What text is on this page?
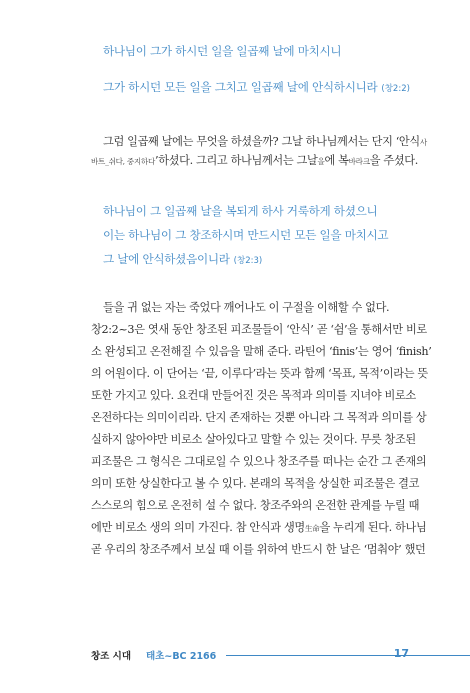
하나님이 그가 하시던 일을 일곱째 날에 마치시니
그가 하시던 모든 일을 그치고 일곱째 날에 안식하시니라 (창2:2)
그럼 일곱째 날에는 무엇을 하셨을까? 그날 하나님께서는 단지 ‘안식사
바트_쉬다, 중지하다’하셨다. 그리고 하나님께서는 그날을에 복바라크을 주셨다.
하나님이 그 일곱째 날을 복되게 하사 거룩하게 하셨으니
이는 하나님이 그 창조하시며 만드시던 모든 일을 마치시고
그 날에 안식하셨음이니라 (창2:3)
들을 귀 없는 자는 죽었다 깨어나도 이 구절을 이해할 수 없다.
창2:2~3은 엿새 동안 창조된 피조물들이 ‘안식’ 곧 ‘쉼’을 통해서만 비로
소 완성되고 온전해질 수 있음을 말해 준다. 라틴어 ‘finis’는 영어 ‘finish’
의 어원이다. 이 단어는 ‘끝, 이루다’라는 뜻과 함께 ‘목표, 목적’이라는 뜻
또한 가지고 있다. 요컨대 만들어진 것은 목적과 의미를 지녀야 비로소
온전하다는 의미이리라. 단지 존재하는 것뿐 아니라 그 목적과 의미를 상
실하지 않아야만 비로소 살아있다고 말할 수 있는 것이다. 무릇 창조된
피조물은 그 형식은 그대로일 수 있으나 창조주를 떠나는 순간 그 존재의
의미 또한 상실한다고 볼 수 있다. 본래의 목적을 상실한 피조물은 결코
스스로의 힘으로 온전히 설 수 없다. 창조주와의 온전한 관계를 누릴 때
에만 비로소 생의 의미 가진다. 참 안식과 생명生命을 누리게 된다. 하나님
곧 우리의 창조주께서 보실 때 이를 위하여 반드시 한 날은 ‘멈춰야’ 했던
창조 시대 태초~BC 2166	17
